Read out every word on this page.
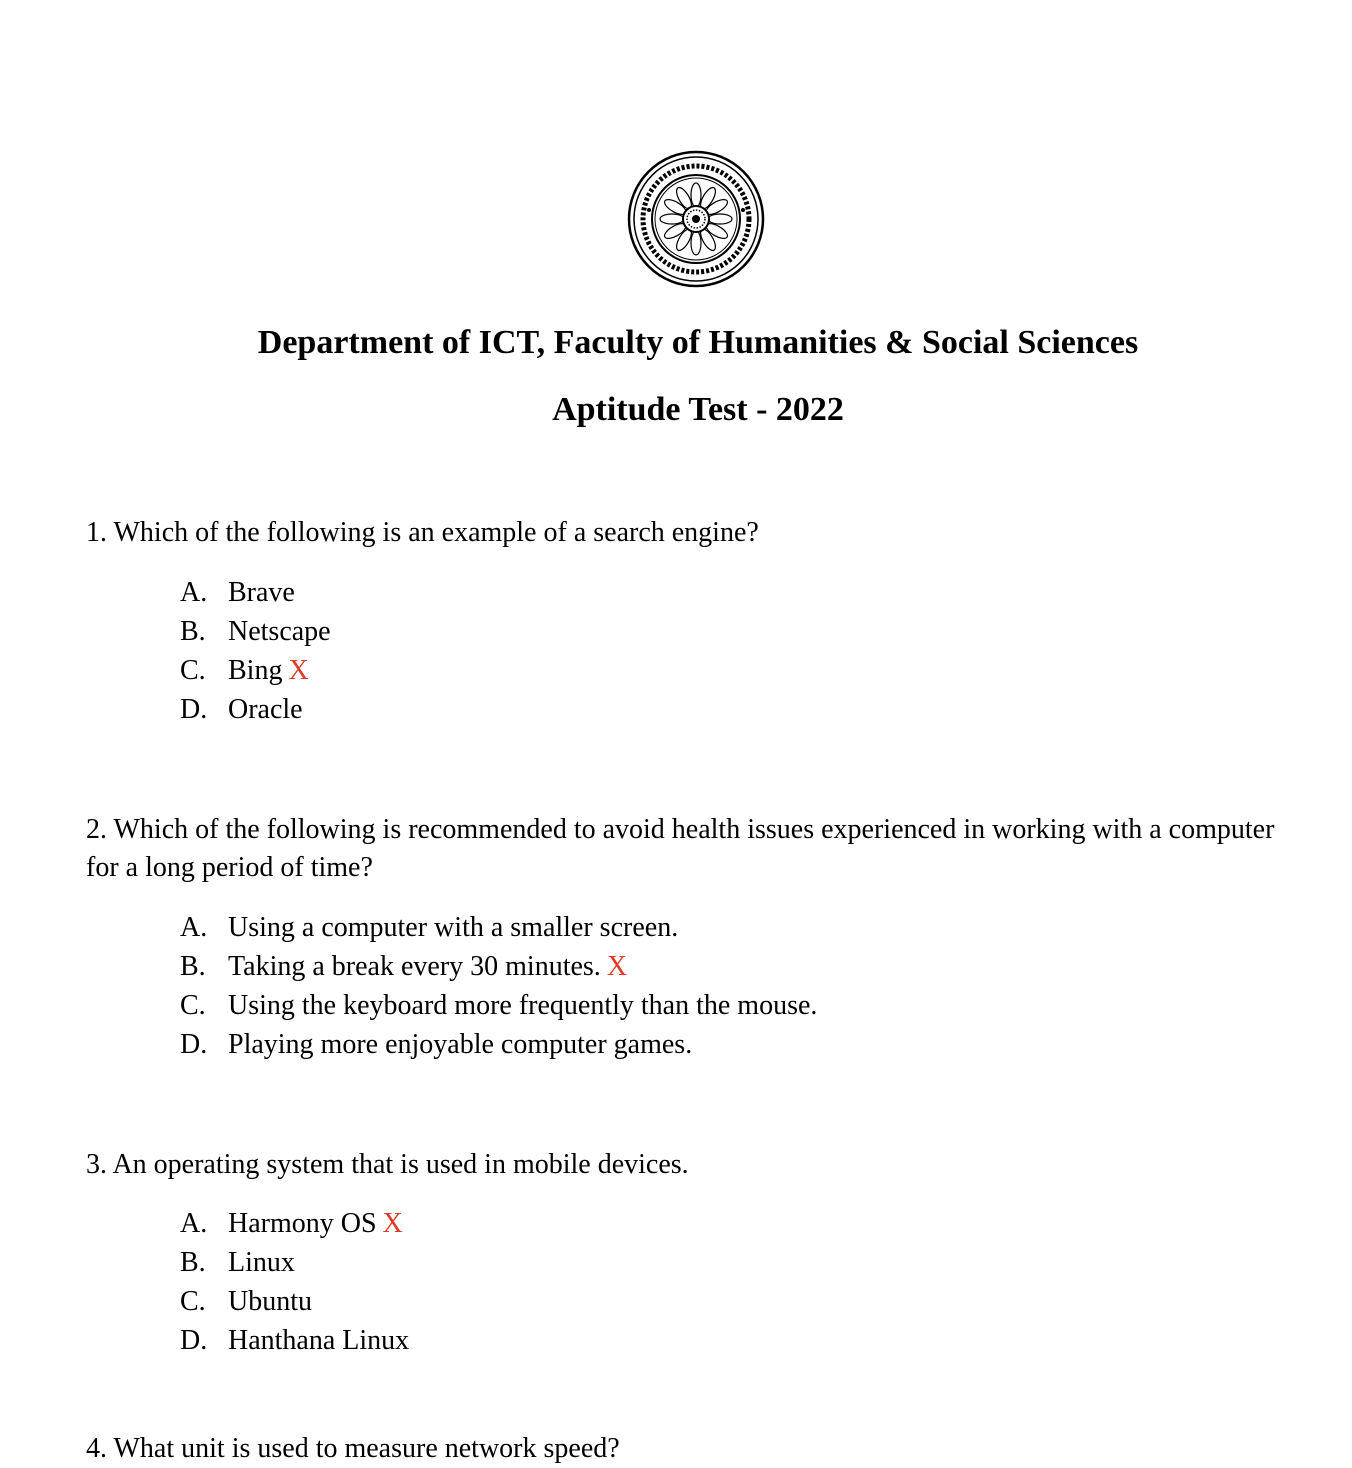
Department of ICT, Faculty of Humanities & Social Sciences
Aptitude Test - 2022

1. Which of the following is an example of a search engine?

A. Brave
B. Netscape
C. Bing X
D. Oracle

2. Which of the following is recommended to avoid health issues experienced in working with a computer for a long period of time?

A. Using a computer with a smaller screen.
B. Taking a break every 30 minutes. X
C. Using the keyboard more frequently than the mouse.
D. Playing more enjoyable computer games.

3. An operating system that is used in mobile devices.

A. Harmony OS X
B. Linux
C. Ubuntu
D. Hanthana Linux

4. What unit is used to measure network speed?
